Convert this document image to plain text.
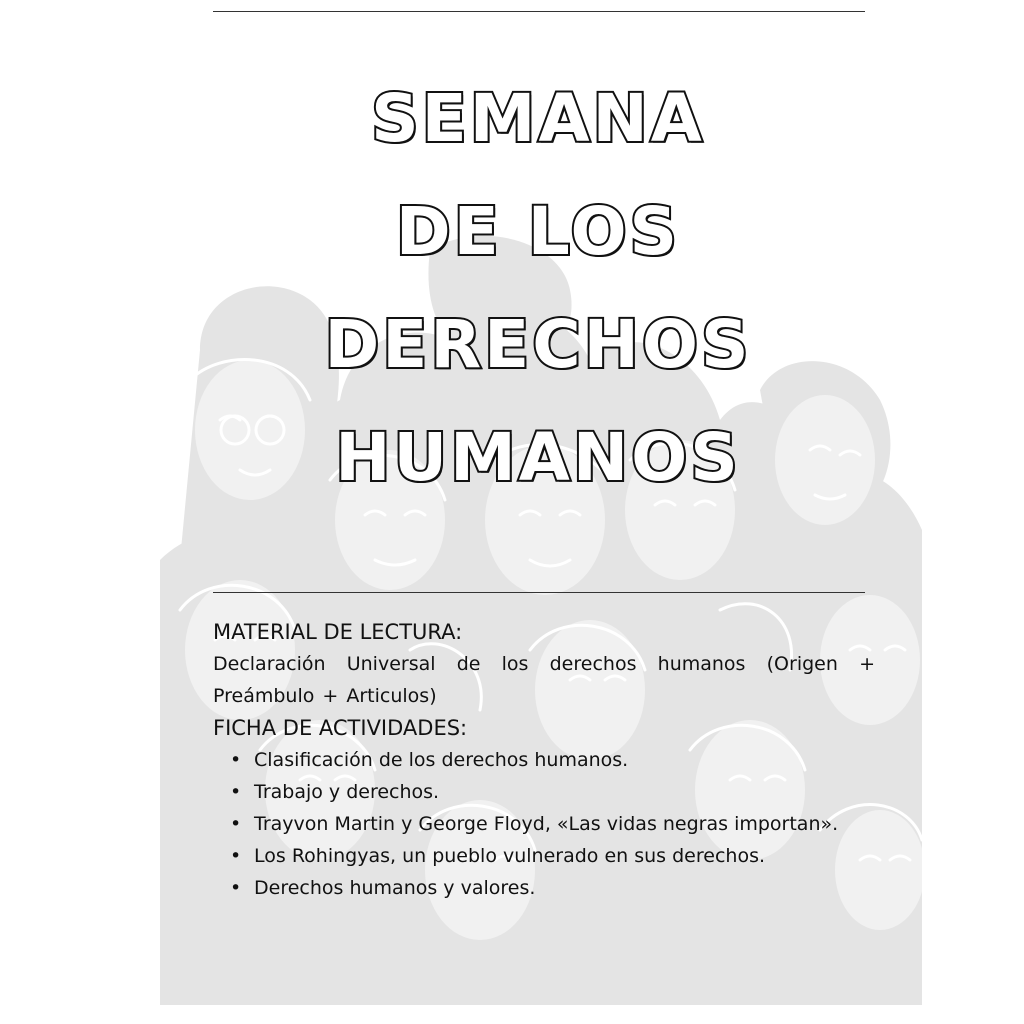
SEMANA
DE LOS
DERECHOS
HUMANOS
MATERIAL DE LECTURA:
Declaración Universal de los derechos humanos (Origen + Preámbulo + Articulos)
FICHA DE ACTIVIDADES:
• Clasificación de los derechos humanos.
• Trabajo y derechos.
• Trayvon Martin y George Floyd, «Las vidas negras importan».
• Los Rohingyas, un pueblo vulnerado en sus derechos.
• Derechos humanos y valores.
